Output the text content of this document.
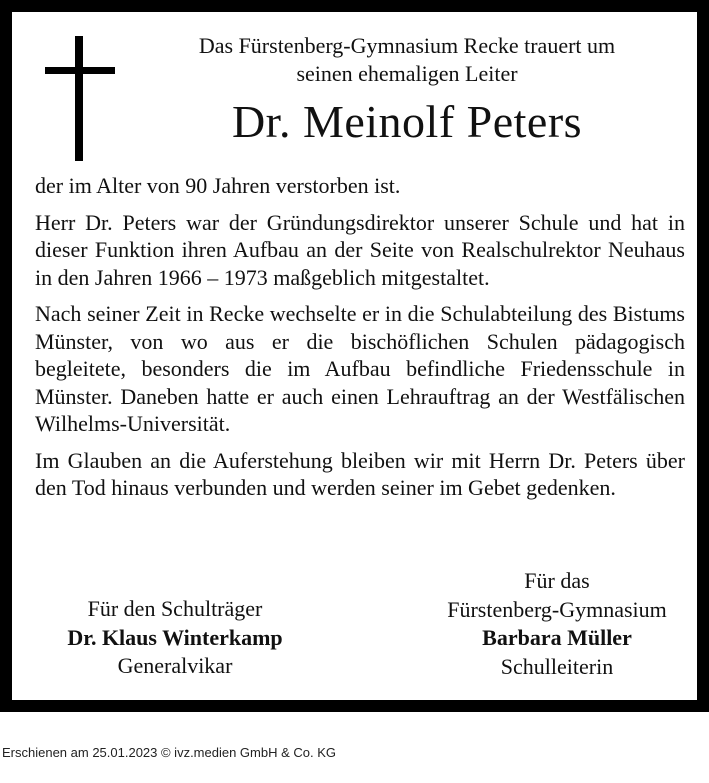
Das Fürstenberg-Gymnasium Recke trauert um
seinen ehemaligen Leiter
Dr. Meinolf Peters

der im Alter von 90 Jahren verstorben ist.

Herr Dr. Peters war der Gründungsdirektor unserer Schule und hat in dieser Funktion ihren Aufbau an der Seite von Realschulrektor Neuhaus in den Jahren 1966 – 1973 maßgeblich mitgestaltet.

Nach seiner Zeit in Recke wechselte er in die Schulabteilung des Bistums Münster, von wo aus er die bischöflichen Schulen pädagogisch begleitete, besonders die im Aufbau befindliche Friedensschule in Münster. Daneben hatte er auch einen Lehrauftrag an der Westfälischen Wilhelms-Universität.

Im Glauben an die Auferstehung bleiben wir mit Herrn Dr. Peters über den Tod hinaus verbunden und werden seiner im Gebet gedenken.

Für den Schulträger
Dr. Klaus Winterkamp
Generalvikar
Für das
Fürstenberg-Gymnasium
Barbara Müller
Schulleiterin
Erschienen am 25.01.2023 © ivz.medien GmbH & Co. KG
